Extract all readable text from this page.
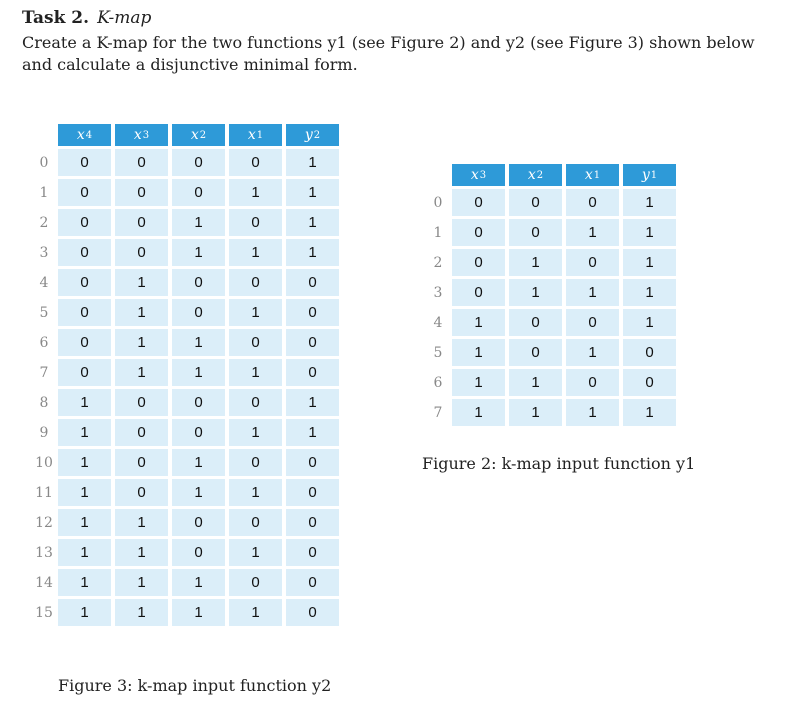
Task 2. K-map
Create a K-map for the two functions y1 (see Figure 2) and y2 (see Figure 3) shown below and calculate a disjunctive minimal form.
x 4	x 3	x 2	x 1	y 2
0	0	0	0	0	1
1	0	0	0	1	1
2	0	0	1	0	1
3	0	0	1	1	1
4	0	1	0	0	0
5	0	1	0	1	0
6	0	1	1	0	0
7	0	1	1	1	0
8	1	0	0	0	1
9	1	0	0	1	1
10	1	0	1	0	0
11	1	0	1	1	0
12	1	1	0	0	0
13	1	1	0	1	0
14	1	1	1	0	0
15	1	1	1	1	0
Figure 3: k-map input function y2
x 3	x 2	x 1	y 1
0	0	0	0	1
1	0	0	1	1
2	0	1	0	1
3	0	1	1	1
4	1	0	0	1
5	1	0	1	0
6	1	1	0	0
7	1	1	1	1
Figure 2: k-map input function y1
